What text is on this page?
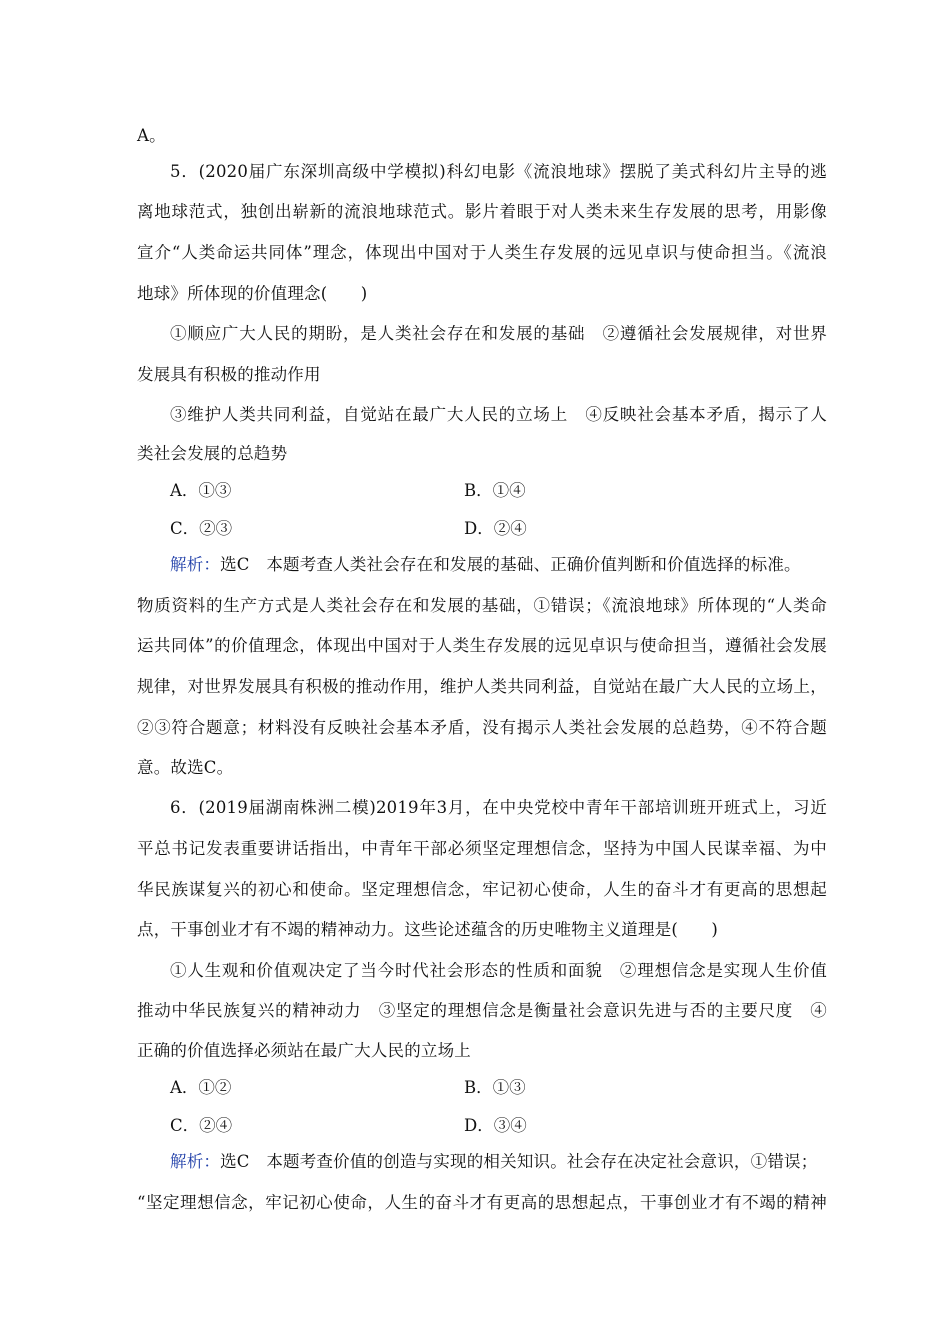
A。
5．(2020届广东深圳高级中学模拟)科幻电影《流浪地球》摆脱了美式科幻片主导的逃
离地球范式，独创出崭新的流浪地球范式。影片着眼于对人类未来生存发展的思考，用影像
宣介“人类命运共同体”理念，体现出中国对于人类生存发展的远见卓识与使命担当。《流浪
地球》所体现的价值理念(　　)
①顺应广大人民的期盼，是人类社会存在和发展的基础　②遵循社会发展规律，对世界
发展具有积极的推动作用
③维护人类共同利益，自觉站在最广大人民的立场上　④反映社会基本矛盾，揭示了人
类社会发展的总趋势
A．①③	B．①④
C．②③	D．②④
解析：选C　本题考查人类社会存在和发展的基础、正确价值判断和价值选择的标准。
物质资料的生产方式是人类社会存在和发展的基础，①错误；《流浪地球》所体现的“人类命
运共同体”的价值理念，体现出中国对于人类生存发展的远见卓识与使命担当，遵循社会发展
规律，对世界发展具有积极的推动作用，维护人类共同利益，自觉站在最广大人民的立场上，
②③符合题意；材料没有反映社会基本矛盾，没有揭示人类社会发展的总趋势，④不符合题
意。故选C。
6．(2019届湖南株洲二模)2019年3月，在中央党校中青年干部培训班开班式上，习近
平总书记发表重要讲话指出，中青年干部必须坚定理想信念，坚持为中国人民谋幸福、为中
华民族谋复兴的初心和使命。坚定理想信念，牢记初心使命，人生的奋斗才有更高的思想起
点，干事创业才有不竭的精神动力。这些论述蕴含的历史唯物主义道理是(　　)
①人生观和价值观决定了当今时代社会形态的性质和面貌　②理想信念是实现人生价值
推动中华民族复兴的精神动力　③坚定的理想信念是衡量社会意识先进与否的主要尺度　④
正确的价值选择必须站在最广大人民的立场上
A．①②	B．①③
C．②④	D．③④
解析：选C　本题考查价值的创造与实现的相关知识。社会存在决定社会意识，①错误；
“坚定理想信念，牢记初心使命，人生的奋斗才有更高的思想起点，干事创业才有不竭的精神
